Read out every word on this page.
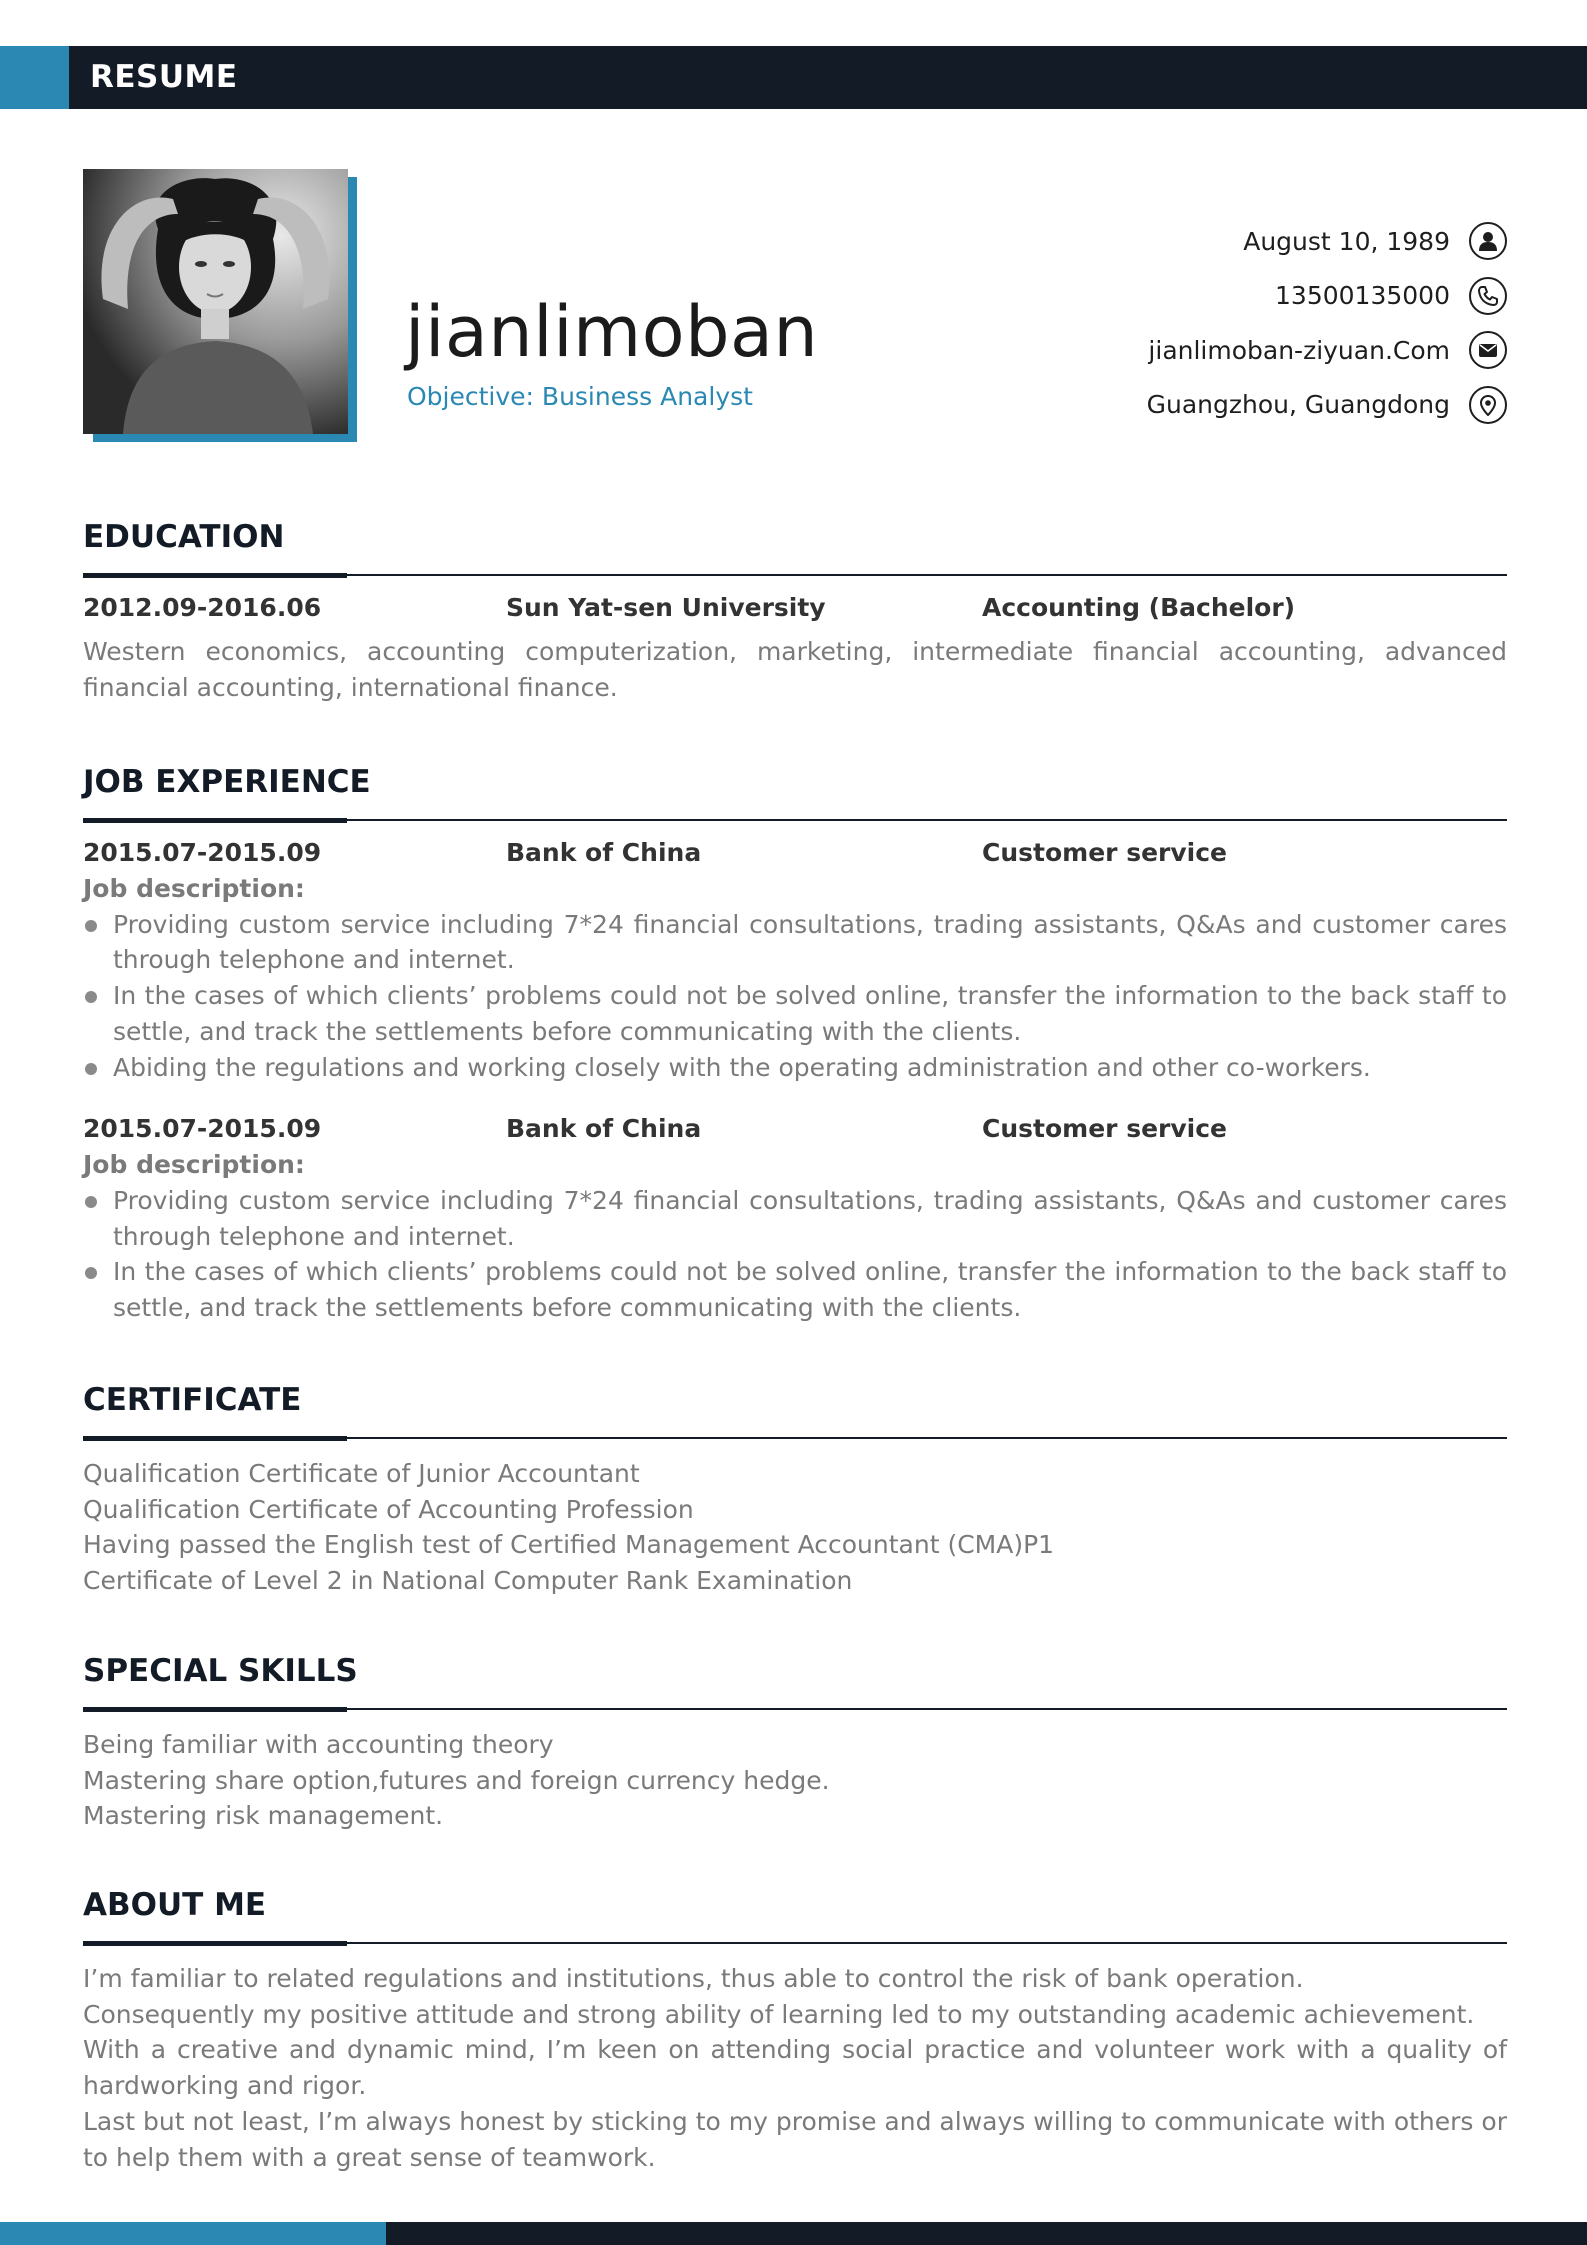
RESUME
jianlimoban
Objective: Business Analyst
August 10, 1989
13500135000
jianlimoban-ziyuan.Com
Guangzhou, Guangdong
EDUCATION
2012.09-2016.06	Sun Yat-sen University	Accounting (Bachelor)
Western economics, accounting computerization, marketing, intermediate financial accounting, advanced financial accounting, international finance.
JOB EXPERIENCE
2015.07-2015.09	Bank of China	Customer service
Job description:
Providing custom service including 7*24 financial consultations, trading assistants, Q&As and customer cares through telephone and internet.
In the cases of which clients’ problems could not be solved online, transfer the information to the back staff to settle, and track the settlements before communicating with the clients.
Abiding the regulations and working closely with the operating administration and other co-workers.
2015.07-2015.09	Bank of China	Customer service
Job description:
Providing custom service including 7*24 financial consultations, trading assistants, Q&As and customer cares through telephone and internet.
In the cases of which clients’ problems could not be solved online, transfer the information to the back staff to settle, and track the settlements before communicating with the clients.
CERTIFICATE
Qualification Certificate of Junior Accountant
Qualification Certificate of Accounting Profession
Having passed the English test of Certified Management Accountant (CMA)P1
Certificate of Level 2 in National Computer Rank Examination
SPECIAL SKILLS
Being familiar with accounting theory
Mastering share option,futures and foreign currency hedge.
Mastering risk management.
ABOUT ME
I’m familiar to related regulations and institutions, thus able to control the risk of bank operation.
Consequently my positive attitude and strong ability of learning led to my outstanding academic achievement.
With a creative and dynamic mind, I’m keen on attending social practice and volunteer work with a quality of hardworking and rigor.
Last but not least, I’m always honest by sticking to my promise and always willing to communicate with others or to help them with a great sense of teamwork.
